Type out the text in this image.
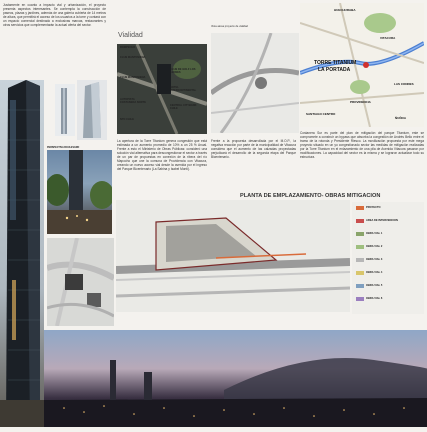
Justamente en cuanto a impacto vial y urbanización, el proyecto presenta aspectos interesantes. Se contempla la construcción de paseos, plazas y jardines, además de una galería cubierta de 14 metros de altura, que permitirá el acceso de los usuarios a la torre y contará con un espacio comercial destinado a exclusivas marcas, restaurantes y otros servicios que complementarán la actual oferta del sector.
PERSPECTIVA BOULEVARD
Vialidad
ROMPECHO
CLUB MANTOSIENA
CLUB MANTOSIENA
AUTOPISTA COSTANERA NORTE
NTO CHILE
CLUB DE GOLF LOS LEONES
HOTEL INTERCONTINENTAL
CENTRAL CITYBANK CHILE
Vista aérea proyecto de vialidad
La apertura de la Torre Titanium genera congestión que está estimada a un aumento promedio de 10% a un 25 % Anual. Frente a esto el Ministerio de Obras Públicas: consideró una solución vial alternativa para descongestionar el sector a través de un par de propuestas en conexión de la ribera del río Mapocho que une la comuna de Providencia con Vitacura, creando un nuevo acceso vial desde la avenida por el ingreso del Parque Bicentenario (La Sabina y Isabel Monti).
Frente a la propuesta desarrollada por el M.O.P., la negativa reacción por parte de la municipalidad de Vitacura considera que el aumento de las calzadas proyectadas perjudicará el desarrollo de la segunda etapa del Parque Bicentenario.
HUECHURABA
VITACURA
LAS CONDES
PROVIDENCIA
ÑUÑOA
TORRE TITANIUM
LA PORTADA
SANTIAGO CENTRO
Costanera Sur es parte del plan de mitigación del parque Titanium, este se compromete a construir un bypass que absorba la congestión de Andrés Bello entre el tramo de la rotonda y Presidente Riesco. La movilización propuesta por este mega proyecto situado en un yo congestionado sector las medidas de mitigación realizadas por la Torre Titanium en el enlazamiento de una pila de Avenida Vitacura pasaron por modificaciones. La capacidad del sector es la misma y se lograron actualizar todo su estructura.
PLANTA DE EMPLAZAMIENTO- OBRAS MITIGACION
PROYECTO
AREA DE INTERVENCION
OBRA VIAL 1
OBRA VIAL 2
OBRA VIAL 3
OBRA VIAL 4
OBRA VIAL 5
OBRA VIAL 6
